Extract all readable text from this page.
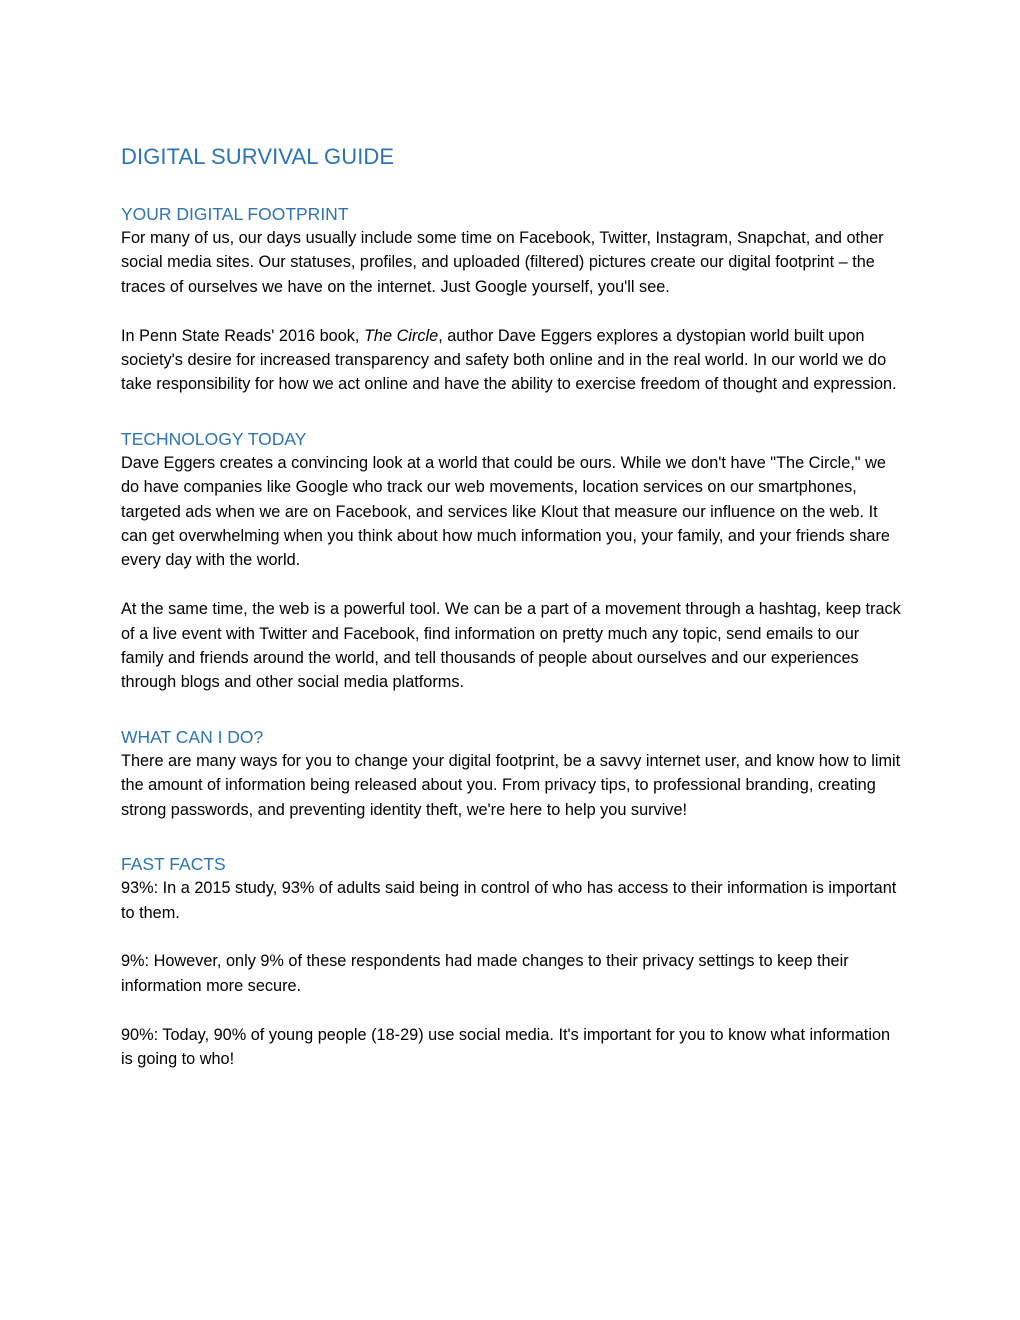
DIGITAL SURVIVAL GUIDE
YOUR DIGITAL FOOTPRINT

For many of us, our days usually include some time on Facebook, Twitter, Instagram, Snapchat, and other social media sites. Our statuses, profiles, and uploaded (filtered) pictures create our digital footprint – the traces of ourselves we have on the internet. Just Google yourself, you'll see.

In Penn State Reads' 2016 book, The Circle, author Dave Eggers explores a dystopian world built upon society's desire for increased transparency and safety both online and in the real world. In our world we do take responsibility for how we act online and have the ability to exercise freedom of thought and expression.

TECHNOLOGY TODAY

Dave Eggers creates a convincing look at a world that could be ours. While we don't have "The Circle," we do have companies like Google who track our web movements, location services on our smartphones, targeted ads when we are on Facebook, and services like Klout that measure our influence on the web. It can get overwhelming when you think about how much information you, your family, and your friends share every day with the world.

At the same time, the web is a powerful tool. We can be a part of a movement through a hashtag, keep track of a live event with Twitter and Facebook, find information on pretty much any topic, send emails to our family and friends around the world, and tell thousands of people about ourselves and our experiences through blogs and other social media platforms.

WHAT CAN I DO?

There are many ways for you to change your digital footprint, be a savvy internet user, and know how to limit the amount of information being released about you. From privacy tips, to professional branding, creating strong passwords, and preventing identity theft, we're here to help you survive!

FAST FACTS

93%: In a 2015 study, 93% of adults said being in control of who has access to their information is important to them.

9%: However, only 9% of these respondents had made changes to their privacy settings to keep their information more secure.

90%: Today, 90% of young people (18-29) use social media. It's important for you to know what information is going to who!
